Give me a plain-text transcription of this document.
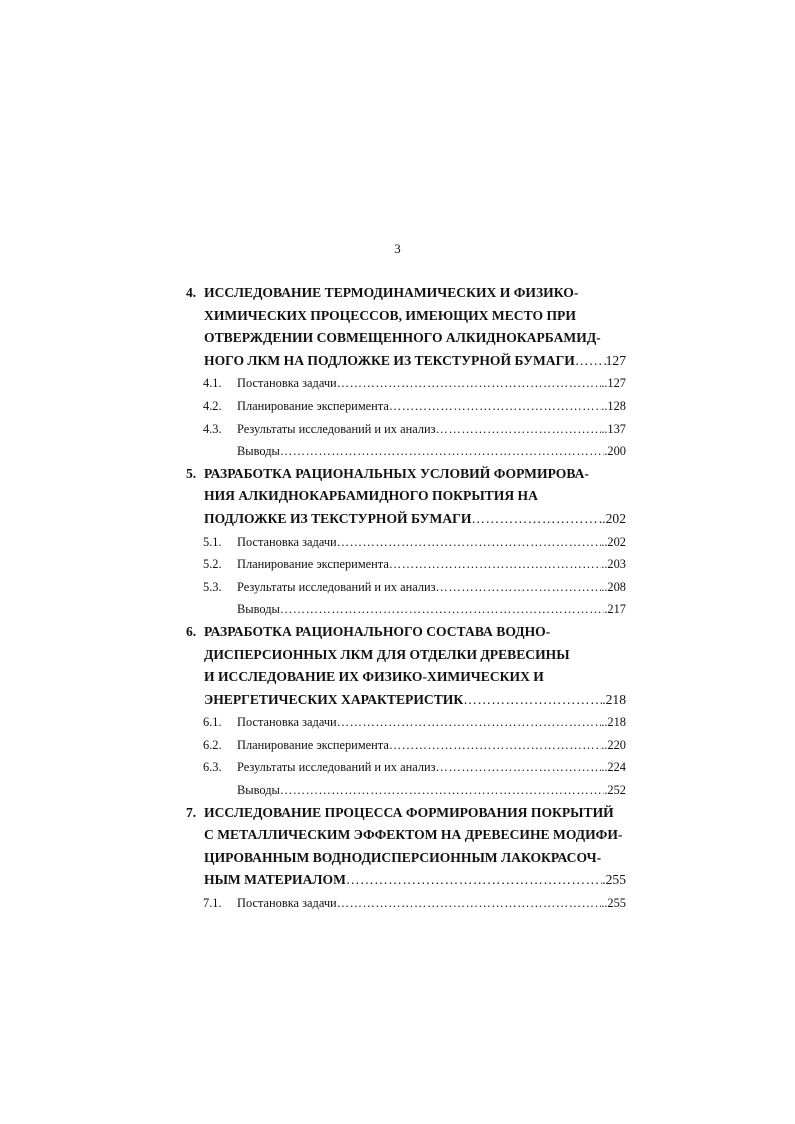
3
4. ИССЛЕДОВАНИЕ ТЕРМОДИНАМИЧЕСКИХ И ФИЗИКО-
ХИМИЧЕСКИХ ПРОЦЕССОВ, ИМЕЮЩИХ МЕСТО ПРИ
ОТВЕРЖДЕНИИ СОВМЕЩЕННОГО АЛКИДНОКАРБАМИД-
НОГО ЛКМ НА ПОДЛОЖКЕ ИЗ ТЕКСТУРНОЙ БУМАГИ ……………………………………………………………………………………………………………………………………………………………… 127
4.1.	Постановка задачи ………………………………………………………………………………………………………………………………………………………………	..127
4.2.	Планирование эксперимента ………………………………………………………………………………………………………………………………………………………………	..128
4.3.	Результаты исследований и их анализ ………………………………………………………………………………………………………………………………………………………………	..137
Выводы ………………………………………………………………………………………………………………………………………………………………	.200
5. РАЗРАБОТКА РАЦИОНАЛЬНЫХ УСЛОВИЙ ФОРМИРОВА-
НИЯ АЛКИДНОКАРБАМИДНОГО ПОКРЫТИЯ НА
ПОДЛОЖКЕ ИЗ ТЕКСТУРНОЙ БУМАГИ ………………………………………………………………………………………………………………………………………………………………	..202
5.1.	Постановка задачи ………………………………………………………………………………………………………………………………………………………………	..202
5.2.	Планирование эксперимента ………………………………………………………………………………………………………………………………………………………………	..203
5.3.	Результаты исследований и их анализ ………………………………………………………………………………………………………………………………………………………………	..208
Выводы ………………………………………………………………………………………………………………………………………………………………	.217
6. РАЗРАБОТКА РАЦИОНАЛЬНОГО СОСТАВА ВОДНО-
ДИСПЕРСИОННЫХ ЛКМ ДЛЯ ОТДЕЛКИ ДРЕВЕСИНЫ
И ИССЛЕДОВАНИЕ ИХ ФИЗИКО-ХИМИЧЕСКИХ И
ЭНЕРГЕТИЧЕСКИХ ХАРАКТЕРИСТИК ………………………………………………………………………………………………………………………………………………………………	.218
6.1.	Постановка задачи ………………………………………………………………………………………………………………………………………………………………	..218
6.2.	Планирование эксперимента ………………………………………………………………………………………………………………………………………………………………	..220
6.3.	Результаты исследований и их анализ ………………………………………………………………………………………………………………………………………………………………	..224
Выводы ………………………………………………………………………………………………………………………………………………………………	.252
7. ИССЛЕДОВАНИЕ ПРОЦЕССА ФОРМИРОВАНИЯ ПОКРЫТИЙ
С МЕТАЛЛИЧЕСКИМ ЭФФЕКТОМ НА ДРЕВЕСИНЕ МОДИФИ-
ЦИРОВАННЫМ ВОДНОДИСПЕРСИОННЫМ ЛАКОКРАСОЧ-
НЫМ МАТЕРИАЛОМ ………………………………………………………………………………………………………………………………………………………………	.255
7.1.	Постановка задачи ………………………………………………………………………………………………………………………………………………………………	..255
